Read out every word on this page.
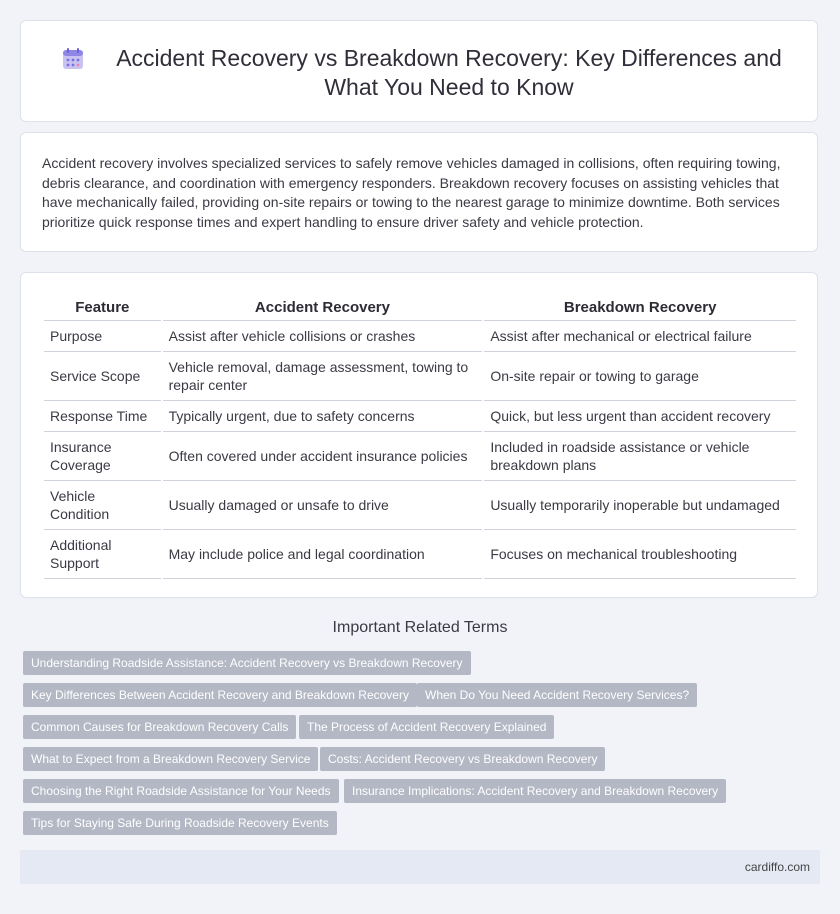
Accident Recovery vs Breakdown Recovery: Key Differences and What You Need to Know

Accident recovery involves specialized services to safely remove vehicles damaged in collisions, often requiring towing, debris clearance, and coordination with emergency responders. Breakdown recovery focuses on assisting vehicles that have mechanically failed, providing on-site repairs or towing to the nearest garage to minimize downtime. Both services prioritize quick response times and expert handling to ensure driver safety and vehicle protection.

Feature	Accident Recovery	Breakdown Recovery
Purpose	Assist after vehicle collisions or crashes	Assist after mechanical or electrical failure
Service Scope	Vehicle removal, damage assessment, towing to repair center	On-site repair or towing to garage
Response Time	Typically urgent, due to safety concerns	Quick, but less urgent than accident recovery
Insurance Coverage	Often covered under accident insurance policies	Included in roadside assistance or vehicle breakdown plans
Vehicle Condition	Usually damaged or unsafe to drive	Usually temporarily inoperable but undamaged
Additional Support	May include police and legal coordination	Focuses on mechanical troubleshooting
Important Related Terms
Understanding Roadside Assistance: Accident Recovery vs Breakdown Recovery
Key Differences Between Accident Recovery and Breakdown Recovery	When Do You Need Accident Recovery Services?
Common Causes for Breakdown Recovery Calls	The Process of Accident Recovery Explained
What to Expect from a Breakdown Recovery Service	Costs: Accident Recovery vs Breakdown Recovery
Choosing the Right Roadside Assistance for Your Needs	Insurance Implications: Accident Recovery and Breakdown Recovery
Tips for Staying Safe During Roadside Recovery Events
cardiffo.com
